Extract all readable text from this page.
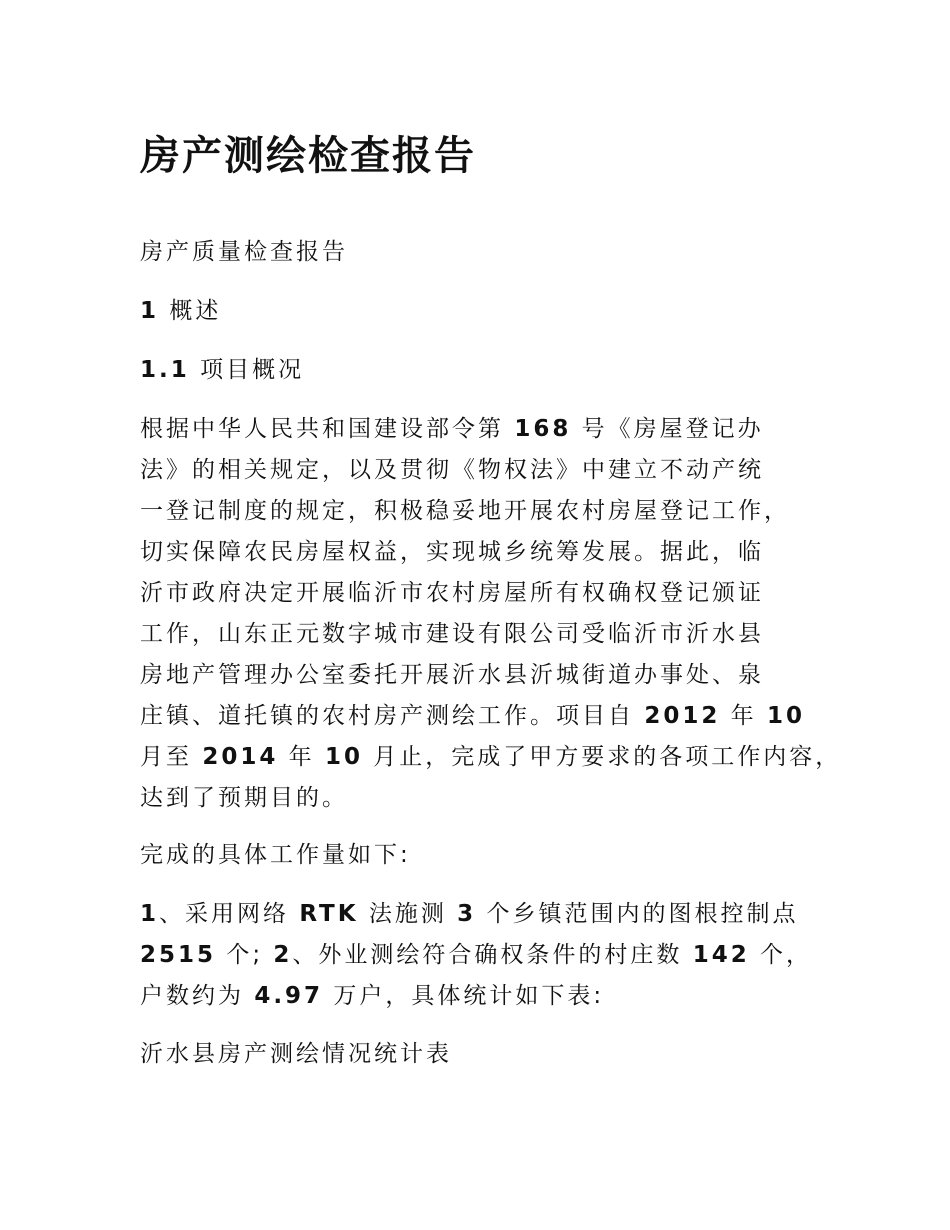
房产测绘检查报告

房产质量检查报告

1 概述

1.1 项目概况

根据中华人民共和国建设部令第 168 号《房屋登记办
法》的相关规定，以及贯彻《物权法》中建立不动产统
一登记制度的规定，积极稳妥地开展农村房屋登记工作，
切实保障农民房屋权益，实现城乡统筹发展。据此，临
沂市政府决定开展临沂市农村房屋所有权确权登记颁证
工作，山东正元数字城市建设有限公司受临沂市沂水县
房地产管理办公室委托开展沂水县沂城街道办事处、泉
庄镇、道托镇的农村房产测绘工作。项目自 2012 年 10
月至 2014 年 10 月止，完成了甲方要求的各项工作内容，
达到了预期目的。

完成的具体工作量如下:

1、采用网络 RTK 法施测 3 个乡镇范围内的图根控制点
2515 个; 2、外业测绘符合确权条件的村庄数 142 个，
户数约为 4.97 万户，具体统计如下表:

沂水县房产测绘情况统计表
